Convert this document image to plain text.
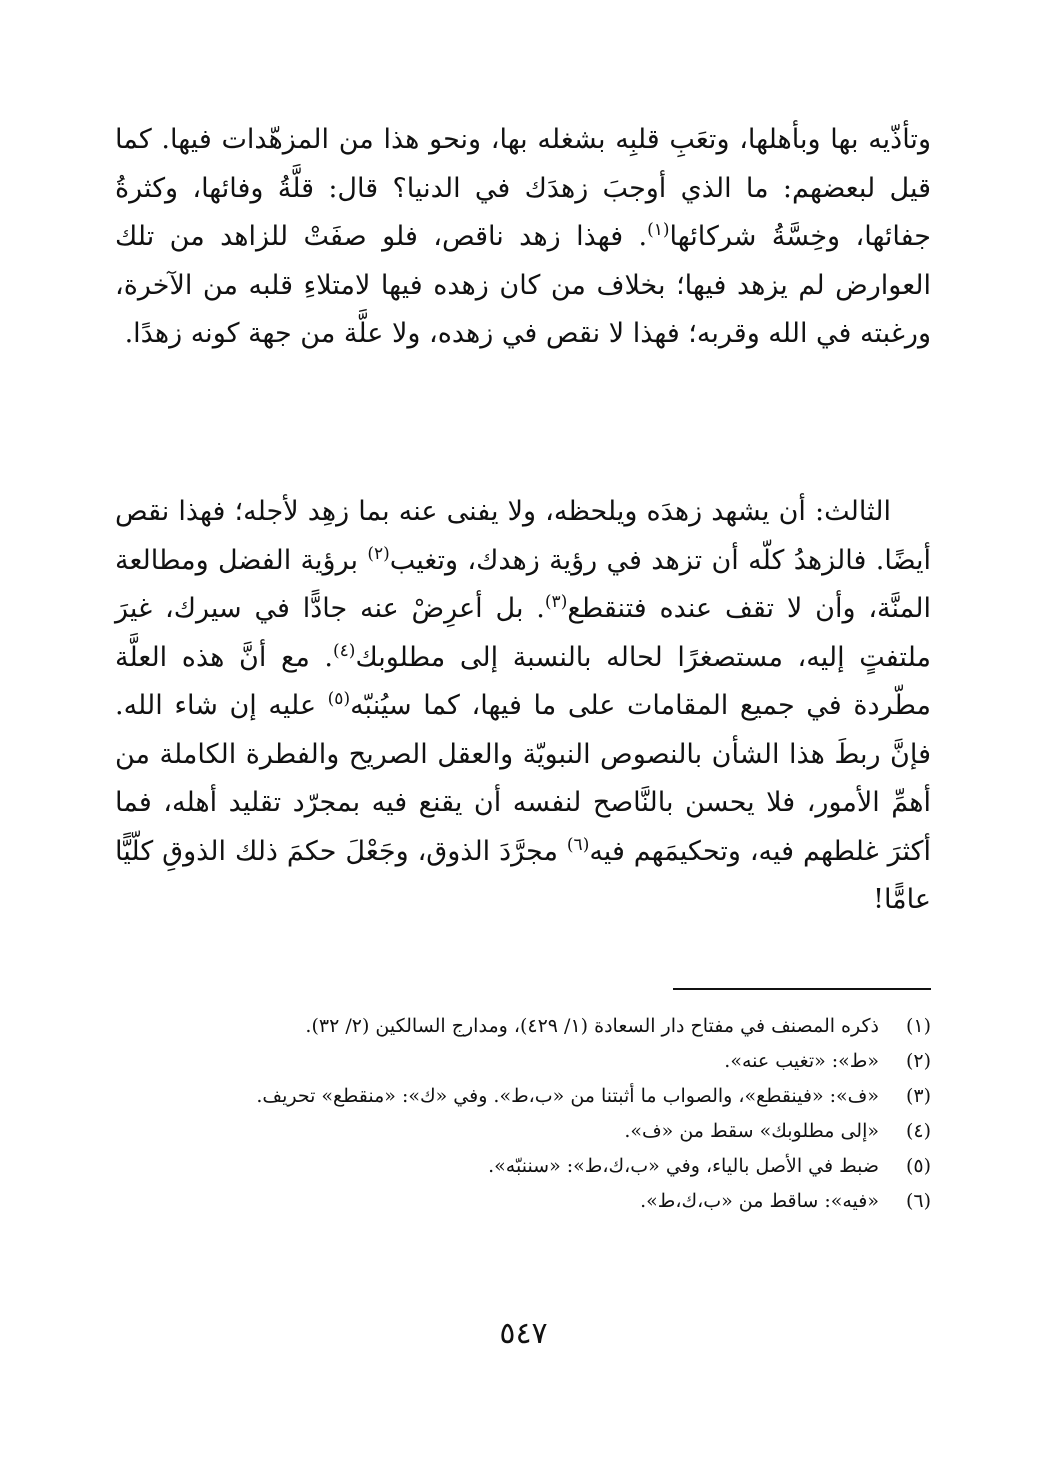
وتأذّيه بها وبأهلها، وتعَبِ قلبِه بشغله بها، ونحو هذا من المزهّدات فيها. كما قيل لبعضهم: ما الذي أوجبَ زهدَك في الدنيا؟ قال: قلَّةُ وفائها، وكثرةُ جفائها، وخِسَّةُ شركائها$^{(١)}$. فهذا زهد ناقص، فلو صفَتْ للزاهد من تلك العوارض لم يزهد فيها؛ بخلاف من كان زهده فيها لامتلاءِ قلبه من الآخرة، ورغبته في الله وقربه؛ فهذا لا نقص في زهده، ولا علَّة من جهة كونه زهدًا.

الثالث: أن يشهد زهدَه ويلحظه، ولا يفنى عنه بما زهِد لأجله؛ فهذا نقص أيضًا. فالزهدُ كلّه أن تزهد في رؤية زهدك، وتغيب$^{(٢)}$ برؤية الفضل ومطالعة المنَّة، وأن لا تقف عنده فتنقطع$^{(٣)}$. بل أعرِضْ عنه جادًّا في سيرك، غيرَ ملتفتٍ إليه، مستصغرًا لحاله بالنسبة إلى مطلوبك$^{(٤)}$. مع أنَّ هذه العلَّة مطّردة في جميع المقامات على ما فيها، كما سيُنبّه$^{(٥)}$ عليه إن شاء الله. فإنَّ ربطَ هذا الشأن بالنصوص النبويّة والعقل الصريح والفطرة الكاملة من أهمِّ الأمور، فلا يحسن بالنَّاصح لنفسه أن يقنع فيه بمجرّد تقليد أهله، فما أكثرَ غلطهم فيه، وتحكيمَهم فيه$^{(٦)}$ مجرَّدَ الذوق، وجَعْلَ حكمَ ذلك الذوقِ كلّيًّا عامًّا!

(١)
ذكره المصنف في مفتاح دار السعادة (١/ ٤٢٩)، ومدارج السالكين (٢/ ٣٢).
(٢)
«ط»: «تغيب عنه».
(٣)
«ف»: «فينقطع»، والصواب ما أثبتنا من «ب،ط». وفي «ك»: «منقطع» تحريف.
(٤)
«إلى مطلوبك» سقط من «ف».
(٥)
ضبط في الأصل بالياء، وفي «ب،ك،ط»: «سننبّه».
(٦)
«فيه»: ساقط من «ب،ك،ط».
٥٤٧
